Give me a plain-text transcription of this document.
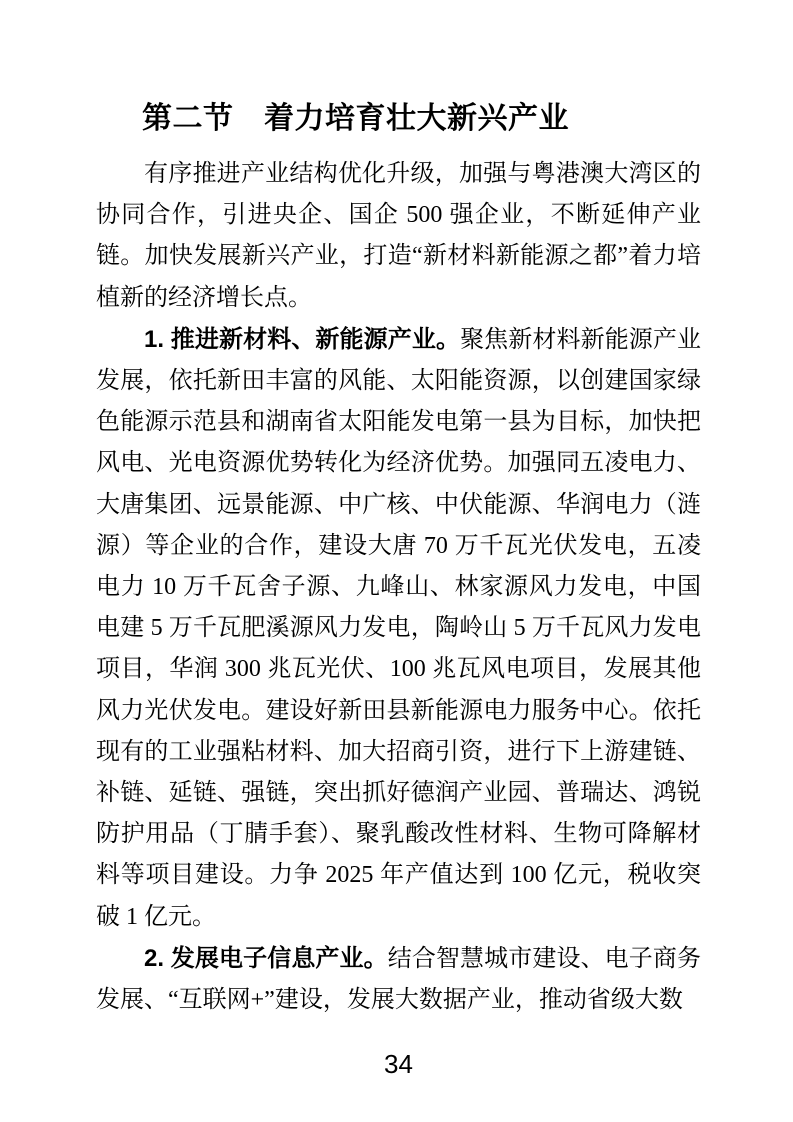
第二节　着力培育壮大新兴产业

有序推进产业结构优化升级，加强与粤港澳大湾区的协同合作，引进央企、国企 500 强企业，不断延伸产业链。加快发展新兴产业，打造“新材料新能源之都”着力培植新的经济增长点。

1. 推进新材料、新能源产业。聚焦新材料新能源产业发展，依托新田丰富的风能、太阳能资源，以创建国家绿色能源示范县和湖南省太阳能发电第一县为目标，加快把风电、光电资源优势转化为经济优势。加强同五凌电力、大唐集团、远景能源、中广核、中伏能源、华润电力（涟源）等企业的合作，建设大唐 70 万千瓦光伏发电，五凌电力 10 万千瓦舍子源、九峰山、林家源风力发电，中国电建 5 万千瓦肥溪源风力发电，陶岭山 5 万千瓦风力发电项目，华润 300 兆瓦光伏、100 兆瓦风电项目，发展其他风力光伏发电。建设好新田县新能源电力服务中心。依托现有的工业强粘材料、加大招商引资，进行下上游建链、补链、延链、强链，突出抓好德润产业园、普瑞达、鸿锐防护用品（丁腈手套）、聚乳酸改性材料、生物可降解材料等项目建设。力争 2025 年产值达到 100 亿元，税收突破 1 亿元。

2. 发展电子信息产业。结合智慧城市建设、电子商务发展、“互联网+”建设，发展大数据产业，推动省级大数

34
